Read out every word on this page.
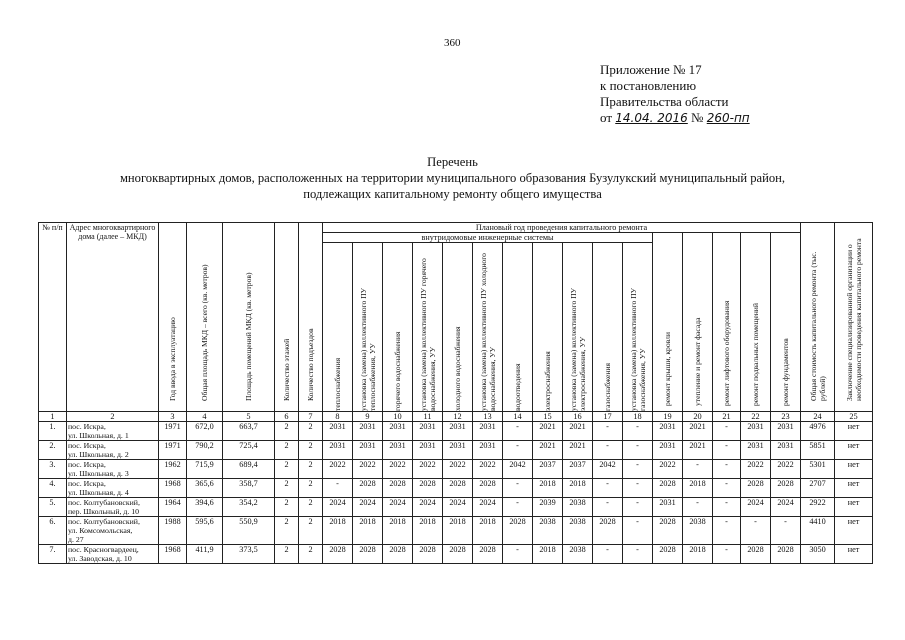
360
Приложение № 17
к постановлению
Правительства области
от 14.04. 2016 № 260-пп
Перечень
многоквартирных домов, расположенных на территории муниципального образования Бузулукский муниципальный район,
подлежащих капитальному ремонту общего имущества
№ п/п	Адрес многоквартирного дома (далее – МКД)	Год ввода в эксплуатацию	Общая площадь МКД – всего (кв. метров)	Площадь помещений МКД (кв. метров)	Количество этажей	Количество подъездов	Плановый год проведения капитального ремонта																Общая стоимость капитального ремонта (тыс. рублей)	Заключение специализированной организации о необходимости проведения капитального ремонта

							внутридомовые инженерные системы											ремонт крыши, кровли	утепление и ремонт фасада	ремонт лифтового оборудования	ремонт подвальных помещений	ремонт фундаментов		

							теплоснабжения	установка (замена) коллективного ПУ теплоснабжения, УУ	горячего водоснабжения	установка (замена) коллективного ПУ горячего водоснабжения, УУ	холодного водоснабжения	установка (замена) коллективного ПУ холодного водоснабжения, УУ	водоотведения	электроснабжения	установка (замена) коллективного ПУ электроснабжения, УУ	газоснабжения	установка (замена) коллективного ПУ газоснабжения, УУ							

1	2	3	4	5	6	7	8	9	10	11	12	13	14	15	16	17	18	19	20	21	22	23	24	25
1.	пос. Искра,
ул. Школьная, д. 1	1971	672,0	663,7	2	2	2031	2031	2031	2031	2031	2031	-	2021	2021	-	-	2031	2021	-	2031	2031	4976	нет
2.	пос. Искра,
ул. Школьная, д. 2	1971	790,2	725,4	2	2	2031	2031	2031	2031	2031	2031	-	2021	2021	-	-	2031	2021	-	2031	2031	5851	нет
3.	пос. Искра,
ул. Школьная, д. 3	1962	715,9	689,4	2	2	2022	2022	2022	2022	2022	2022	2042	2037	2037	2042	-	2022	-	-	2022	2022	5301	нет
4.	пос. Искра,
ул. Школьная, д. 4	1968	365,6	358,7	2	2	-	2028	2028	2028	2028	2028	-	2018	2018	-	-	2028	2018	-	2028	2028	2707	нет
5.	пос. Колтубановский,
пер. Школьный, д. 10	1964	394,6	354,2	2	2	2024	2024	2024	2024	2024	2024	-	2039	2038	-	-	2031	-	-	2024	2024	2922	нет
6.	пос. Колтубановский,
ул. Комсомольская,
д. 27	1988	595,6	550,9	2	2	2018	2018	2018	2018	2018	2018	2028	2038	2038	2028	-	2028	2038	-	-	-	4410	нет
7.	пос. Красногвардеец,
ул. Заводская, д. 10	1968	411,9	373,5	2	2	2028	2028	2028	2028	2028	2028	-	2018	2038	-	-	2028	2018	-	2028	2028	3050	нет
